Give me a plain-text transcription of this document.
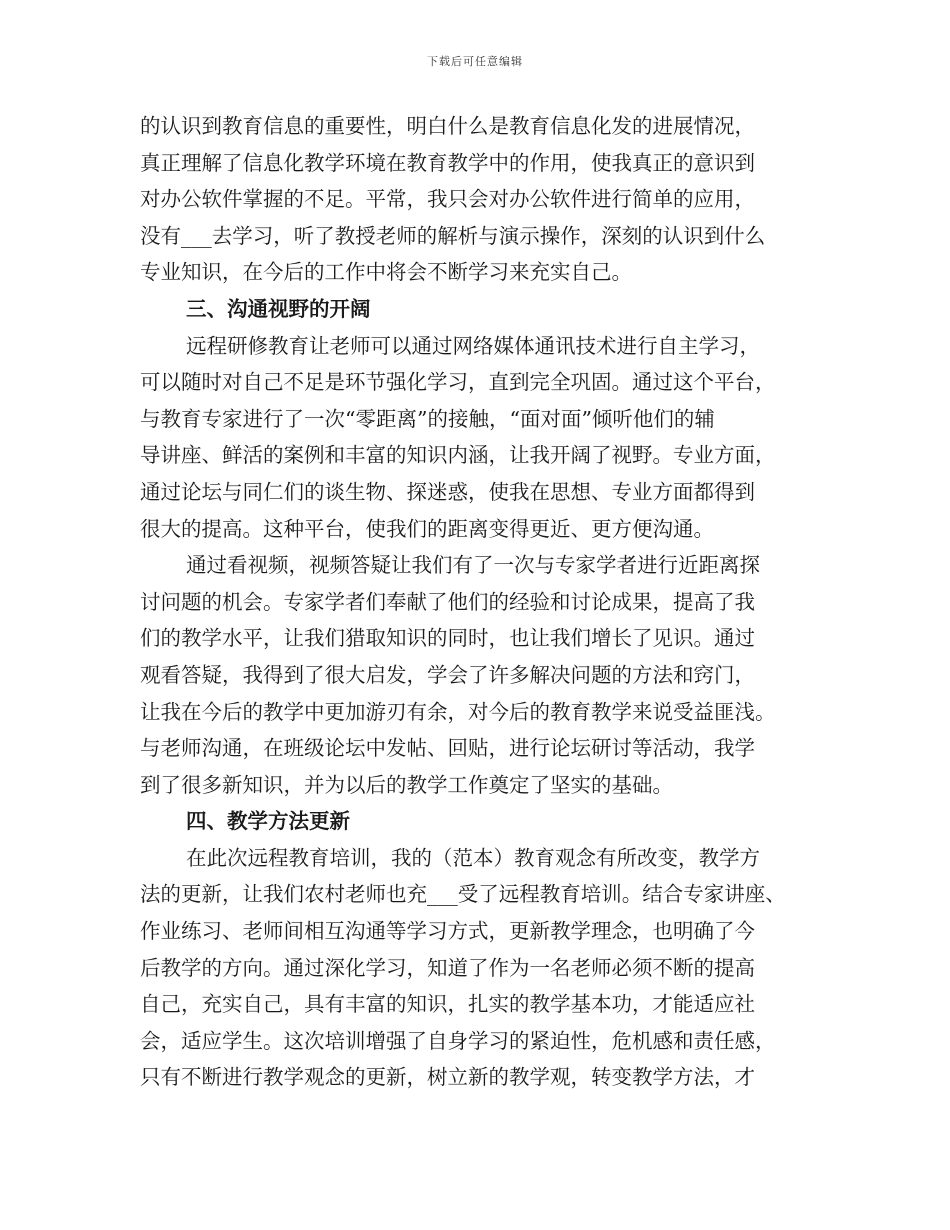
下载后可任意编辑
的认识到教育信息的重要性，明白什么是教育信息化发的进展情况，
真正理解了信息化教学环境在教育教学中的作用，使我真正的意识到
对办公软件掌握的不足。平常，我只会对办公软件进行简单的应用，
没有___去学习，听了教授老师的解析与演示操作，深刻的认识到什么
专业知识，在今后的工作中将会不断学习来充实自己。
三、沟通视野的开阔
远程研修教育让老师可以通过网络媒体通讯技术进行自主学习，
可以随时对自己不足是环节强化学习，直到完全巩固。通过这个平台，
与教育专家进行了一次“零距离”的接触，“面对面”倾听他们的辅
导讲座、鲜活的案例和丰富的知识内涵，让我开阔了视野。专业方面，
通过论坛与同仁们的谈生物、探迷惑，使我在思想、专业方面都得到
很大的提高。这种平台，使我们的距离变得更近、更方便沟通。
通过看视频，视频答疑让我们有了一次与专家学者进行近距离探
讨问题的机会。专家学者们奉献了他们的经验和讨论成果，提高了我
们的教学水平，让我们猎取知识的同时，也让我们增长了见识。通过
观看答疑，我得到了很大启发，学会了许多解决问题的方法和窍门，
让我在今后的教学中更加游刃有余，对今后的教育教学来说受益匪浅。
与老师沟通，在班级论坛中发帖、回贴，进行论坛研讨等活动，我学
到了很多新知识，并为以后的教学工作奠定了坚实的基础。
四、教学方法更新
在此次远程教育培训，我的（范本）教育观念有所改变，教学方
法的更新，让我们农村老师也充___受了远程教育培训。结合专家讲座、
作业练习、老师间相互沟通等学习方式，更新教学理念，也明确了今
后教学的方向。通过深化学习，知道了作为一名老师必须不断的提高
自己，充实自己，具有丰富的知识，扎实的教学基本功，才能适应社
会，适应学生。这次培训增强了自身学习的紧迫性，危机感和责任感，
只有不断进行教学观念的更新，树立新的教学观，转变教学方法，才
